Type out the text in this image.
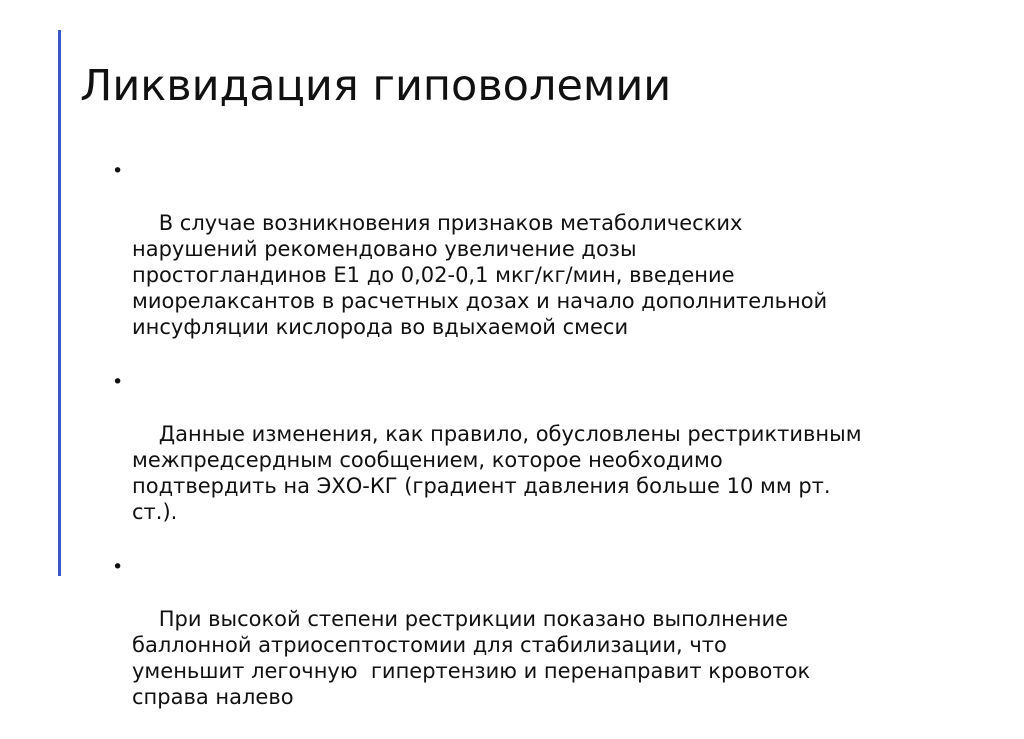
Ликвидация гиповолемии

•

В случае возникновения признаков метаболических
нарушений рекомендовано увеличение дозы
простогландинов Е1 до 0,02-0,1 мкг/кг/мин, введение
миорелаксантов в расчетных дозах и начало дополнительной
инсуфляции кислорода во вдыхаемой смеси

•

Данные изменения, как правило, обусловлены рестриктивным
межпредсердным сообщением, которое необходимо
подтвердить на ЭХО-КГ (градиент давления больше 10 мм рт.
ст.).

•

При высокой степени рестрикции показано выполнение
баллонной атриосептостомии для стабилизации, что
уменьшит легочную  гипертензию и перенаправит кровоток
справа налево
